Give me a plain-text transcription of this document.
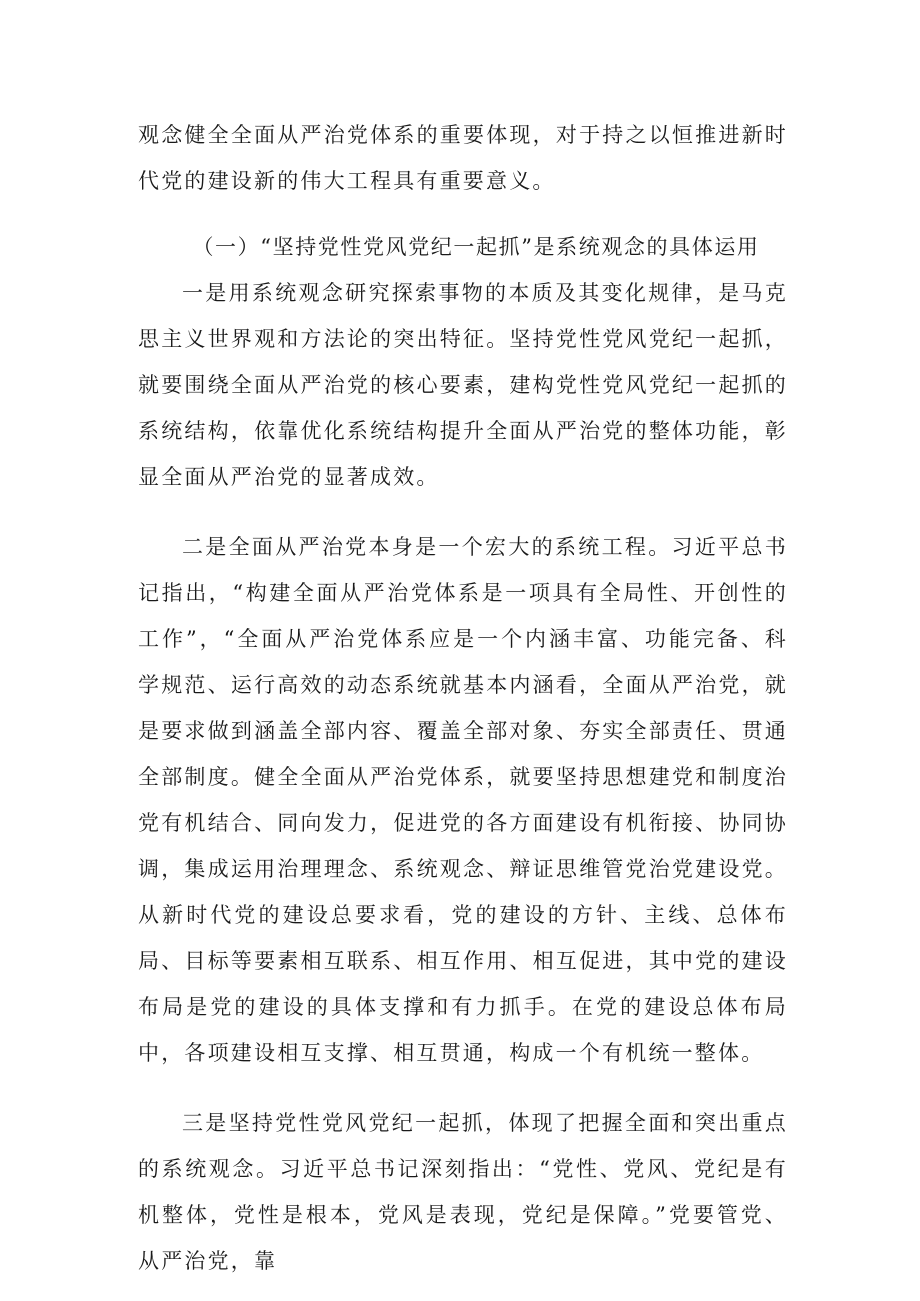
观念健全全面从严治党体系的重要体现，对于持之以恒推进新时代党的建设新的伟大工程具有重要意义。

（一）“坚持党性党风党纪一起抓”是系统观念的具体运用

一是用系统观念研究探索事物的本质及其变化规律，是马克思主义世界观和方法论的突出特征。坚持党性党风党纪一起抓，就要围绕全面从严治党的核心要素，建构党性党风党纪一起抓的系统结构，依靠优化系统结构提升全面从严治党的整体功能，彰显全面从严治党的显著成效。

二是全面从严治党本身是一个宏大的系统工程。习近平总书记指出，“构建全面从严治党体系是一项具有全局性、开创性的工作”，“全面从严治党体系应是一个内涵丰富、功能完备、科学规范、运行高效的动态系统就基本内涵看，全面从严治党，就是要求做到涵盖全部内容、覆盖全部对象、夯实全部责任、贯通全部制度。健全全面从严治党体系，就要坚持思想建党和制度治党有机结合、同向发力，促进党的各方面建设有机衔接、协同协调，集成运用治理理念、系统观念、辩证思维管党治党建设党。从新时代党的建设总要求看，党的建设的方针、主线、总体布局、目标等要素相互联系、相互作用、相互促进，其中党的建设布局是党的建设的具体支撑和有力抓手。在党的建设总体布局中，各项建设相互支撑、相互贯通，构成一个有机统一整体。

三是坚持党性党风党纪一起抓，体现了把握全面和突出重点的系统观念。习近平总书记深刻指出：“党性、党风、党纪是有机整体，党性是根本，党风是表现，党纪是保障。”党要管党、从严治党，靠
